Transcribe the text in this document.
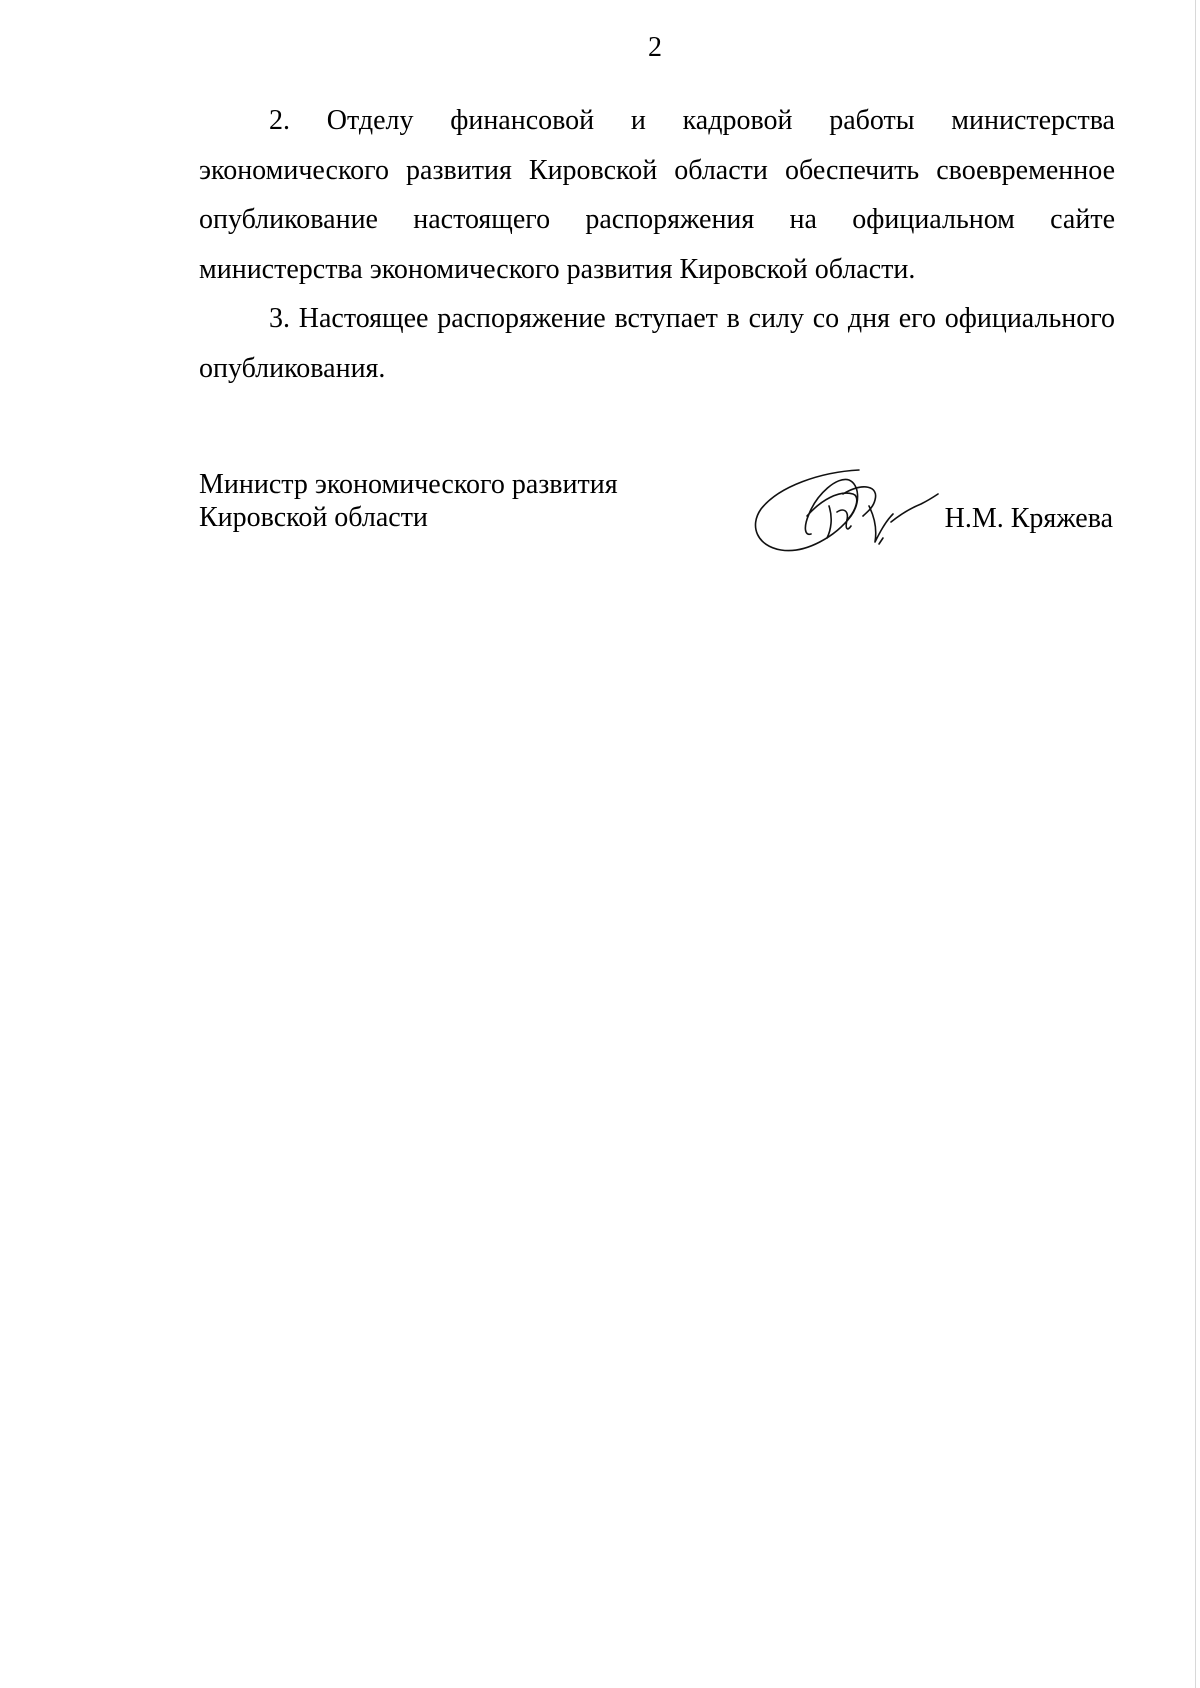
2

2. Отделу финансовой и кадровой работы министерства экономического развития Кировской области обеспечить своевременное опубликование настоящего распоряжения на официальном сайте министерства экономического развития Кировской области.

3. Настоящее распоряжение вступает в силу со дня его официального опубликования.

Министр экономического развития
Кировской области	Н.М. Кряжева
